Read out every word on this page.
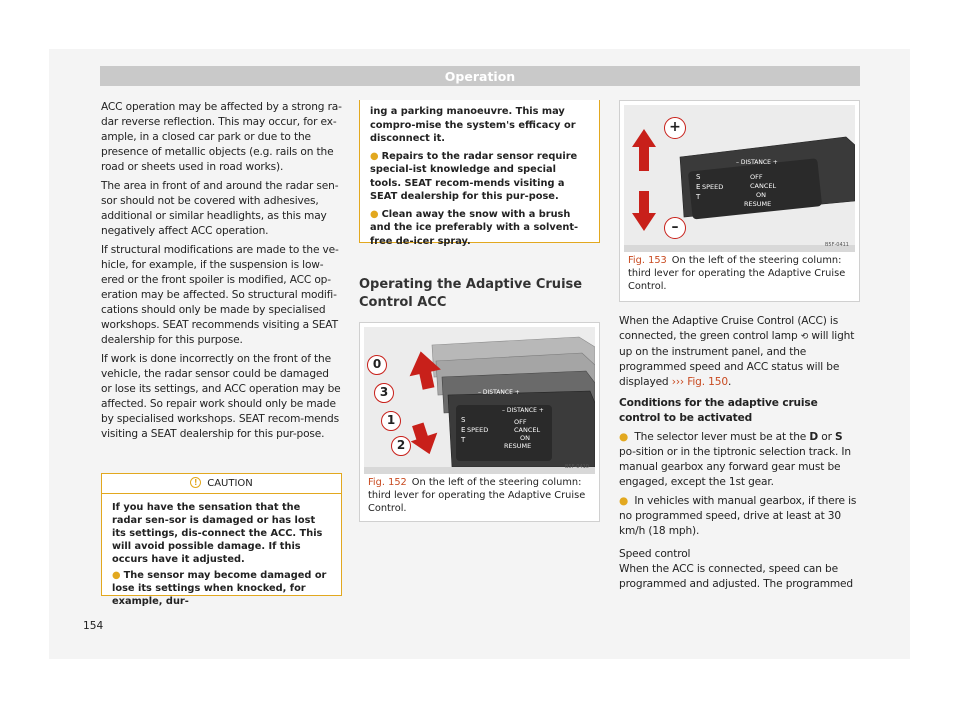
Operation

ACC operation may be affected by a strong ra-dar reverse reflection. This may occur, for ex-ample, in a closed car park or due to the presence of metallic objects (e.g. rails on the road or sheets used in road works).

The area in front of and around the radar sen-sor should not be covered with adhesives, additional or similar headlights, as this may negatively affect ACC operation.

If structural modifications are made to the ve-hicle, for example, if the suspension is low-ered or the front spoiler is modified, ACC op-eration may be affected. So structural modifi-cations should only be made by specialised workshops. SEAT recommends visiting a SEAT dealership for this purpose.

If work is done incorrectly on the front of the vehicle, the radar sensor could be damaged or lose its settings, and ACC operation may be affected. So repair work should only be made by specialised workshops. SEAT recom-mends visiting a SEAT dealership for this pur-pose.

! CAUTION
If you have the sensation that the radar sen-sor is damaged or has lost its settings, dis-connect the ACC. This will avoid possible damage. If this occurs have it adjusted.
● The sensor may become damaged or lose its settings when knocked, for example, dur-
ing a parking manoeuvre. This may compro-mise the system's efficacy or disconnect it.
● Repairs to the radar sensor require special-ist knowledge and special tools. SEAT recom-mends visiting a SEAT dealership for this pur-pose.
● Clean away the snow with a brush and the ice preferably with a solvent-free de-icer spray.
Operating the Adaptive Cruise Control ACC
– DISTANCE +
– DISTANCE +
S
E
T
SPEED
OFF
CANCEL
ON
RESUME
0
3
1
2
B5F-0410
Fig. 152 On the left of the steering column: third lever for operating the Adaptive Cruise Control.
+
–
– DISTANCE +
S
E
T
SPEED
OFF
CANCEL
ON
RESUME
B5F-0411
Fig. 153 On the left of the steering column: third lever for operating the Adaptive Cruise Control.

When the Adaptive Cruise Control (ACC) is connected, the green control lamp ⟲ will light up on the instrument panel, and the programmed speed and ACC status will be displayed ››› Fig. 150.

Conditions for the adaptive cruise control to be activated

● The selector lever must be at the D or S po-sition or in the tiptronic selection track. In manual gearbox any forward gear must be engaged, except the 1st gear.

● In vehicles with manual gearbox, if there is no programmed speed, drive at least at 30 km/h (18 mph).

Speed control

When the ACC is connected, speed can be programmed and adjusted. The programmed

154
